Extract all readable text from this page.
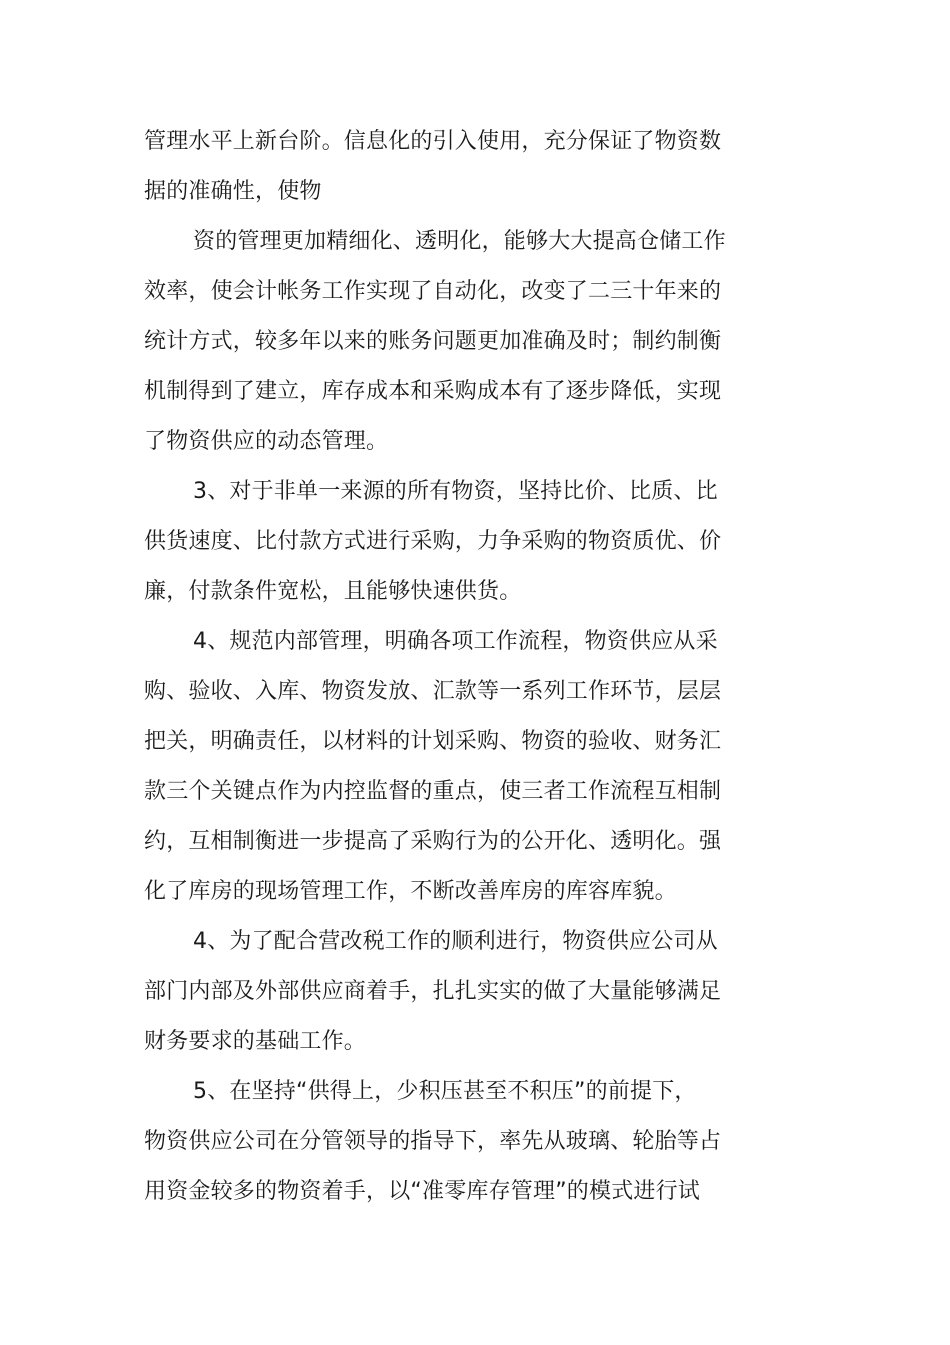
管理水平上新台阶。信息化的引入使用，充分保证了物资数
据的准确性，使物
资的管理更加精细化、透明化，能够大大提高仓储工作
效率，使会计帐务工作实现了自动化，改变了二三十年来的
统计方式，较多年以来的账务问题更加准确及时；制约制衡
机制得到了建立，库存成本和采购成本有了逐步降低，实现
了物资供应的动态管理。
3、对于非单一来源的所有物资，坚持比价、比质、比
供货速度、比付款方式进行采购，力争采购的物资质优、价
廉，付款条件宽松，且能够快速供货。
4、规范内部管理，明确各项工作流程，物资供应从采
购、验收、入库、物资发放、汇款等一系列工作环节，层层
把关，明确责任，以材料的计划采购、物资的验收、财务汇
款三个关键点作为内控监督的重点，使三者工作流程互相制
约，互相制衡进一步提高了采购行为的公开化、透明化。强
化了库房的现场管理工作，不断改善库房的库容库貌。
4、为了配合营改税工作的顺利进行，物资供应公司从
部门内部及外部供应商着手，扎扎实实的做了大量能够满足
财务要求的基础工作。
5、在坚持“供得上，少积压甚至不积压”的前提下，
物资供应公司在分管领导的指导下，率先从玻璃、轮胎等占
用资金较多的物资着手，以“准零库存管理”的模式进行试
